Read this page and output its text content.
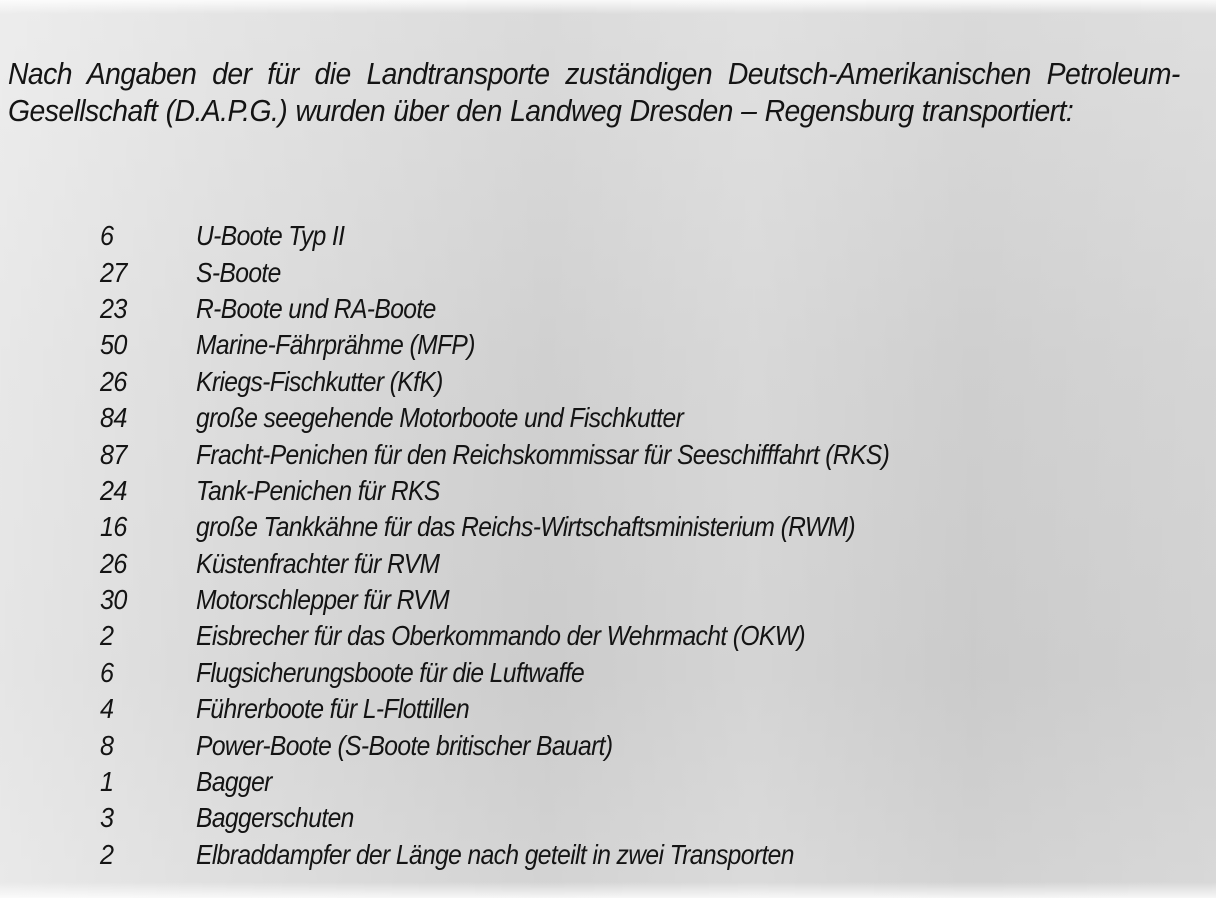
Nach Angaben der für die Landtransporte zuständigen Deutsch-Amerikanischen Petroleum-Gesellschaft (D.A.P.G.) wurden über den Landweg Dresden – Regensburg transportiert:

6	U-Boote Typ II
27	S-Boote
23	R-Boote und RA-Boote
50	Marine-Fährprähme (MFP)
26	Kriegs-Fischkutter (KfK)
84	große seegehende Motorboote und Fischkutter
87	Fracht-Penichen für den Reichskommissar für Seeschifffahrt (RKS)
24	Tank-Penichen für RKS
16	große Tankkähne für das Reichs-Wirtschaftsministerium (RWM)
26	Küstenfrachter für RVM
30	Motorschlepper für RVM
2	Eisbrecher für das Oberkommando der Wehrmacht (OKW)
6	Flugsicherungsboote für die Luftwaffe
4	Führerboote für L-Flottillen
8	Power-Boote (S-Boote britischer Bauart)
1	Bagger
3	Baggerschuten
2	Elbraddampfer der Länge nach geteilt in zwei Transporten
